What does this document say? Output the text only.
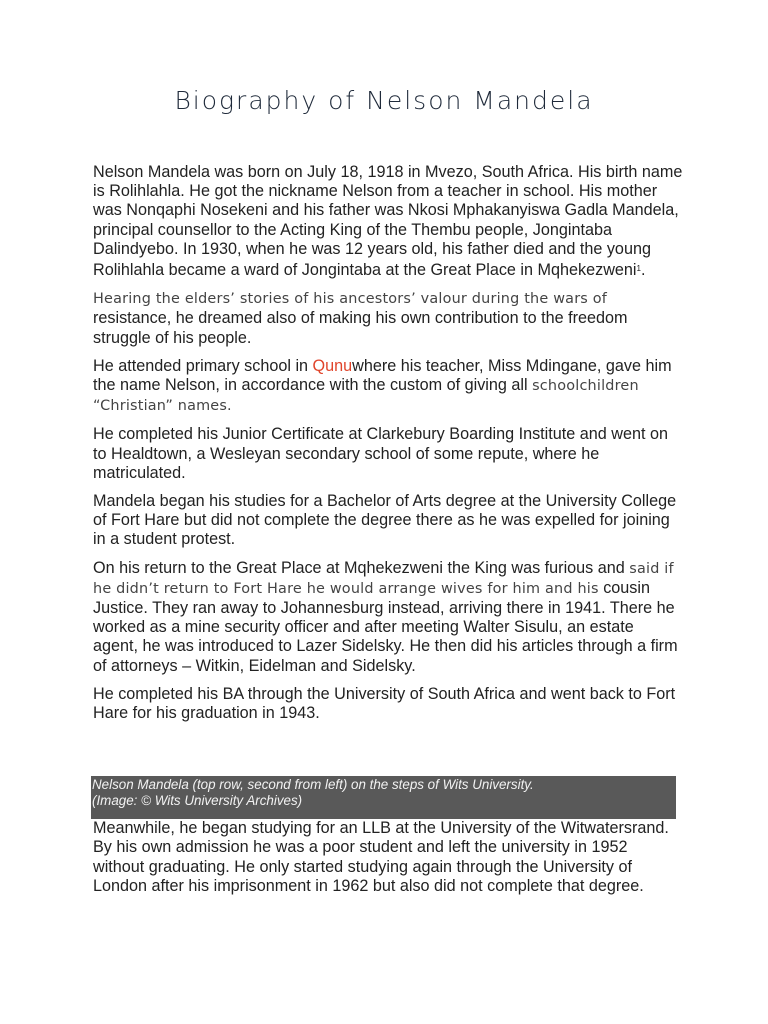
Biography of Nelson Mandela

Nelson Mandela was born on July 18, 1918 in Mvezo, South Africa. His birth name is Rolihlahla. He got the nickname Nelson from a teacher in school. His mother was Nonqaphi Nosekeni and his father was Nkosi Mphakanyiswa Gadla Mandela, principal counsellor to the Acting King of the Thembu people, Jongintaba Dalindyebo. In 1930, when he was 12 years old, his father died and the young Rolihlahla became a ward of Jongintaba at the Great Place in Mqhekezweni$^1$.

Hearing the elders’ stories of his ancestors’ valour during the wars of resistance, he dreamed also of making his own contribution to the freedom struggle of his people.

He attended primary school in Qunuwhere his teacher, Miss Mdingane, gave him the name Nelson, in accordance with the custom of giving all schoolchildren “Christian” names.

He completed his Junior Certificate at Clarkebury Boarding Institute and went on to Healdtown, a Wesleyan secondary school of some repute, where he matriculated.

Mandela began his studies for a Bachelor of Arts degree at the University College of Fort Hare but did not complete the degree there as he was expelled for joining in a student protest.

On his return to the Great Place at Mqhekezweni the King was furious and said if he didn’t return to Fort Hare he would arrange wives for him and his cousin Justice. They ran away to Johannesburg instead, arriving there in 1941. There he worked as a mine security officer and after meeting Walter Sisulu, an estate agent, he was introduced to Lazer Sidelsky. He then did his articles through a firm of attorneys – Witkin, Eidelman and Sidelsky.

He completed his BA through the University of South Africa and went back to Fort Hare for his graduation in 1943.

Nelson Mandela (top row, second from left) on the steps of Wits University.
(Image: © Wits University Archives)

Meanwhile, he began studying for an LLB at the University of the Witwatersrand. By his own admission he was a poor student and left the university in 1952 without graduating. He only started studying again through the University of London after his imprisonment in 1962 but also did not complete that degree.
